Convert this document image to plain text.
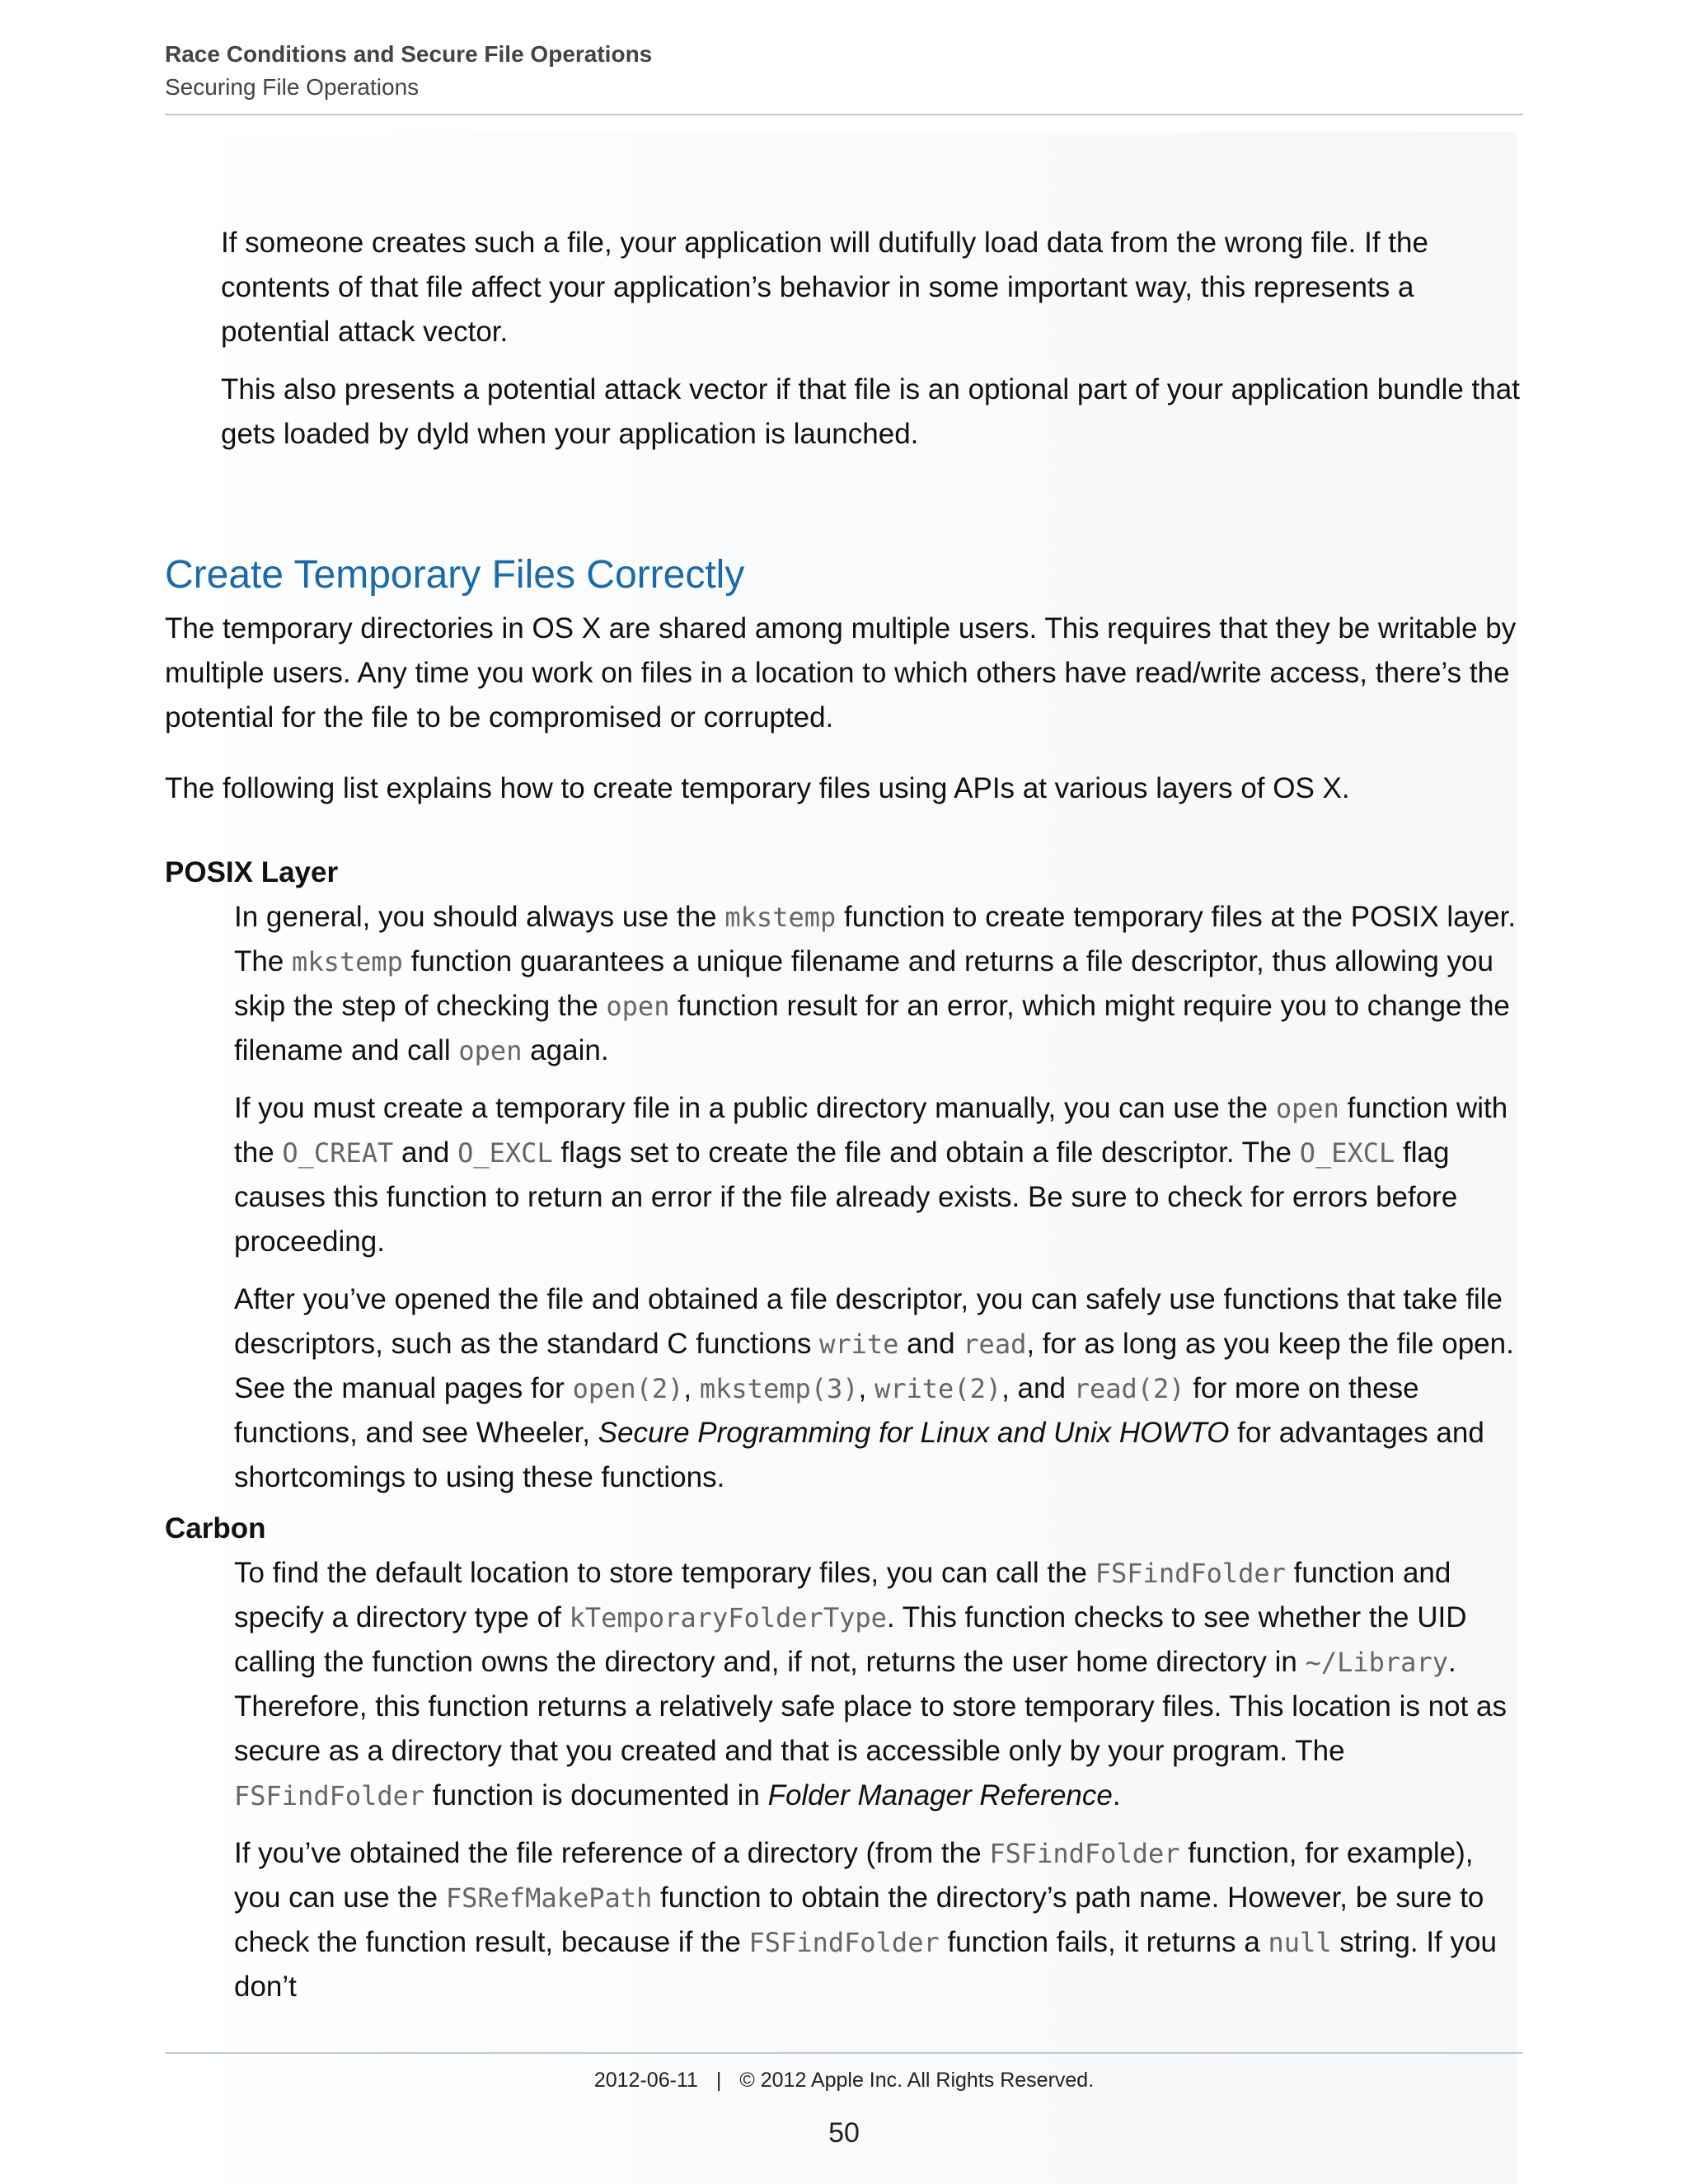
Race Conditions and Secure File Operations
Securing File Operations

If someone creates such a file, your application will dutifully load data from the wrong file. If the contents of that file affect your application’s behavior in some important way, this represents a potential attack vector.

This also presents a potential attack vector if that file is an optional part of your application bundle that gets loaded by dyld when your application is launched.

Create Temporary Files Correctly

The temporary directories in OS X are shared among multiple users. This requires that they be writable by multiple users. Any time you work on files in a location to which others have read/write access, there’s the potential for the file to be compromised or corrupted.

The following list explains how to create temporary files using APIs at various layers of OS X.

POSIX Layer

In general, you should always use the mkstemp function to create temporary files at the POSIX layer. The mkstemp function guarantees a unique filename and returns a file descriptor, thus allowing you skip the step of checking the open function result for an error, which might require you to change the filename and call open again.

If you must create a temporary file in a public directory manually, you can use the open function with the O_CREAT and O_EXCL flags set to create the file and obtain a file descriptor. The O_EXCL flag causes this function to return an error if the file already exists. Be sure to check for errors before proceeding.

After you’ve opened the file and obtained a file descriptor, you can safely use functions that take file descriptors, such as the standard C functions write and read, for as long as you keep the file open. See the manual pages for open(2), mkstemp(3), write(2), and read(2) for more on these functions, and see Wheeler, Secure Programming for Linux and Unix HOWTO for advantages and shortcomings to using these functions.

Carbon

To find the default location to store temporary files, you can call the FSFindFolder function and specify a directory type of kTemporaryFolderType. This function checks to see whether the UID calling the function owns the directory and, if not, returns the user home directory in ~/Library. Therefore, this function returns a relatively safe place to store temporary files. This location is not as secure as a directory that you created and that is accessible only by your program. The FSFindFolder function is documented in Folder Manager Reference.

If you’ve obtained the file reference of a directory (from the FSFindFolder function, for example), you can use the FSRefMakePath function to obtain the directory’s path name. However, be sure to check the function result, because if the FSFindFolder function fails, it returns a null string. If you don’t

2012-06-11 | © 2012 Apple Inc. All Rights Reserved.
50
